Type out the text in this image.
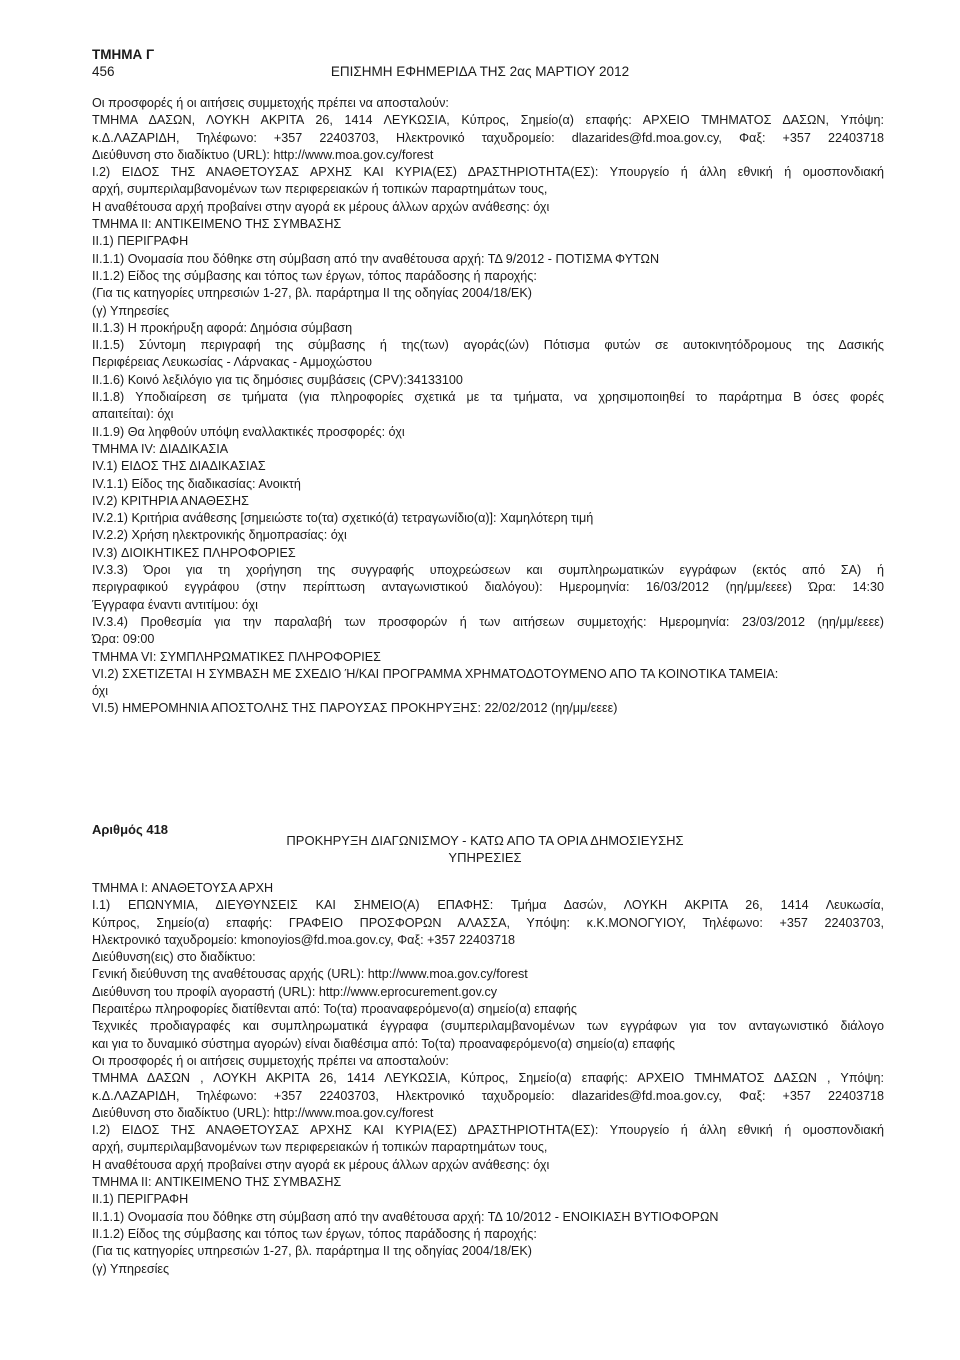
ΤΜΗΜΑ Γ
456	ΕΠΙΣΗΜΗ ΕΦΗΜΕΡΙΔΑ ΤΗΣ 2ας ΜΑΡΤΙΟΥ 2012

Οι προσφορές ή οι αιτήσεις συμμετοχής πρέπει να αποσταλούν:

ΤΜΗΜΑ ΔΑΣΩΝ, ΛΟΥΚΗ ΑΚΡΙΤΑ 26, 1414 ΛΕΥΚΩΣΙΑ, Κύπρος, Σημείο(α) επαφής: ΑΡΧΕΙΟ ΤΜΗΜΑΤΟΣ ΔΑΣΩΝ, Υπόψη:

κ.Δ.ΛΑΖΑΡΙΔΗ, Τηλέφωνο: +357 22403703, Ηλεκτρονικό ταχυδρομείο: dlazarides@fd.moa.gov.cy, Φαξ: +357 22403718

Διεύθυνση στο διαδίκτυο (URL): http://www.moa.gov.cy/forest

Ι.2) ΕΙΔΟΣ ΤΗΣ ΑΝΑΘΕΤΟΥΣΑΣ ΑΡΧΗΣ ΚΑΙ ΚΥΡΙΑ(ΕΣ) ΔΡΑΣΤΗΡΙΟΤΗΤΑ(ΕΣ): Υπουργείο ή άλλη εθνική ή ομοσπονδιακή

αρχή, συμπεριλαμβανομένων των περιφερειακών ή τοπικών παραρτημάτων τους,

Η αναθέτουσα αρχή προβαίνει στην αγορά εκ μέρους άλλων αρχών ανάθεσης: όχι

ΤΜΗΜΑ II: ΑΝΤΙΚΕΙΜΕΝΟ ΤΗΣ ΣΥΜΒΑΣΗΣ

II.1) ΠΕΡΙΓΡΑΦΗ

II.1.1) Ονομασία που δόθηκε στη σύμβαση από την αναθέτουσα αρχή: ΤΔ 9/2012 - ΠΟΤΙΣΜΑ ΦΥΤΩΝ

II.1.2) Είδος της σύμβασης και τόπος των έργων, τόπος παράδοσης ή παροχής:

(Για τις κατηγορίες υπηρεσιών 1-27, βλ. παράρτημα II της οδηγίας 2004/18/ΕΚ)

(γ) Υπηρεσίες

II.1.3) Η προκήρυξη αφορά: Δημόσια σύμβαση

II.1.5) Σύντομη περιγραφή της σύμβασης ή της(των) αγοράς(ών) Πότισμα φυτών σε αυτοκινητόδρομους της Δασικής

Περιφέρειας Λευκωσίας - Λάρνακας - Αμμοχώστου

II.1.6) Κοινό λεξιλόγιο για τις δημόσιες συμβάσεις (CPV):34133100

II.1.8) Υποδιαίρεση σε τμήματα (για πληροφορίες σχετικά με τα τμήματα, να χρησιμοποιηθεί το παράρτημα Β όσες φορές

απαιτείται): όχι

II.1.9) Θα ληφθούν υπόψη εναλλακτικές προσφορές: όχι

ΤΜΗΜΑ IV: ΔΙΑΔΙΚΑΣΙΑ

IV.1) ΕΙΔΟΣ ΤΗΣ ΔΙΑΔΙΚΑΣΙΑΣ

IV.1.1) Είδος της διαδικασίας: Ανοικτή

IV.2) ΚΡΙΤΗΡΙΑ ΑΝΑΘΕΣΗΣ

IV.2.1) Κριτήρια ανάθεσης [σημειώστε το(τα) σχετικό(ά) τετραγωνίδιο(α)]: Χαμηλότερη τιμή

IV.2.2) Χρήση ηλεκτρονικής δημοπρασίας: όχι

IV.3) ΔΙΟΙΚΗΤΙΚΕΣ ΠΛΗΡΟΦΟΡΙΕΣ

IV.3.3) Όροι για τη χορήγηση της συγγραφής υποχρεώσεων και συμπληρωματικών εγγράφων (εκτός από ΣΑ) ή

περιγραφικού εγγράφου (στην περίπτωση ανταγωνιστικού διαλόγου): Ημερομηνία: 16/03/2012 (ηη/μμ/εεεε) Ώρα: 14:30

Έγγραφα έναντι αντιτίμου: όχι

IV.3.4) Προθεσμία για την παραλαβή των προσφορών ή των αιτήσεων συμμετοχής: Ημερομηνία: 23/03/2012 (ηη/μμ/εεεε)

Ώρα: 09:00

ΤΜΗΜΑ VI: ΣΥΜΠΛΗΡΩΜΑΤΙΚΕΣ ΠΛΗΡΟΦΟΡΙΕΣ

VI.2) ΣΧΕΤΙΖΕΤΑΙ Η ΣΥΜΒΑΣΗ ΜΕ ΣΧΕΔΙΟ Ή/ΚΑΙ ΠΡΟΓΡΑΜΜΑ ΧΡΗΜΑΤΟΔΟΤΟΥΜΕΝΟ ΑΠΟ ΤΑ ΚΟΙΝΟΤΙΚΑ ΤΑΜΕΙΑ:

όχι

VI.5) ΗΜΕΡΟΜΗΝΙΑ ΑΠΟΣΤΟΛΗΣ ΤΗΣ ΠΑΡΟΥΣΑΣ ΠΡΟΚΗΡΥΞΗΣ: 22/02/2012 (ηη/μμ/εεεε)

Αριθμός 418
ΠΡΟΚΗΡΥΞΗ ΔΙΑΓΩΝΙΣΜΟΥ - ΚΑΤΩ ΑΠΟ ΤΑ ΟΡΙΑ ΔΗΜΟΣΙΕΥΣΗΣ
ΥΠΗΡΕΣΙΕΣ

ΤΜΗΜΑ I: ΑΝΑΘΕΤΟΥΣΑ ΑΡΧΗ

I.1) ΕΠΩΝΥΜΙΑ, ΔΙΕΥΘΥΝΣΕΙΣ ΚΑΙ ΣΗΜΕΙΟ(Α) ΕΠΑΦΗΣ: Τμήμα Δασών, ΛΟΥΚΗ ΑΚΡΙΤΑ 26, 1414 Λευκωσία,

Κύπρος, Σημείο(α) επαφής: ΓΡΑΦΕΙΟ ΠΡΟΣΦΟΡΩΝ ΑΛΑΣΣΑ, Υπόψη: κ.Κ.ΜΟΝΟΓΥΙΟΥ, Τηλέφωνο: +357 22403703,

Ηλεκτρονικό ταχυδρομείο: kmonoyios@fd.moa.gov.cy, Φαξ: +357 22403718

Διεύθυνση(εις) στο διαδίκτυο:

Γενική διεύθυνση της αναθέτουσας αρχής (URL): http://www.moa.gov.cy/forest

Διεύθυνση του προφίλ αγοραστή (URL): http://www.eprocurement.gov.cy

Περαιτέρω πληροφορίες διατίθενται από: Το(τα) προαναφερόμενο(α) σημείο(α) επαφής

Τεχνικές προδιαγραφές και συμπληρωματικά έγγραφα (συμπεριλαμβανομένων των εγγράφων για τον ανταγωνιστικό διάλογο

και για το δυναμικό σύστημα αγορών) είναι διαθέσιμα από: Το(τα) προαναφερόμενο(α) σημείο(α) επαφής

Οι προσφορές ή οι αιτήσεις συμμετοχής πρέπει να αποσταλούν:

ΤΜΗΜΑ ΔΑΣΩΝ , ΛΟΥΚΗ ΑΚΡΙΤΑ 26, 1414 ΛΕΥΚΩΣΙΑ, Κύπρος, Σημείο(α) επαφής: ΑΡΧΕΙΟ ΤΜΗΜΑΤΟΣ ΔΑΣΩΝ , Υπόψη:

κ.Δ.ΛΑΖΑΡΙΔΗ, Τηλέφωνο: +357 22403703, Ηλεκτρονικό ταχυδρομείο: dlazarides@fd.moa.gov.cy, Φαξ: +357 22403718

Διεύθυνση στο διαδίκτυο (URL): http://www.moa.gov.cy/forest

I.2) ΕΙΔΟΣ ΤΗΣ ΑΝΑΘΕΤΟΥΣΑΣ ΑΡΧΗΣ ΚΑΙ ΚΥΡΙΑ(ΕΣ) ΔΡΑΣΤΗΡΙΟΤΗΤΑ(ΕΣ): Υπουργείο ή άλλη εθνική ή ομοσπονδιακή

αρχή, συμπεριλαμβανομένων των περιφερειακών ή τοπικών παραρτημάτων τους,

Η αναθέτουσα αρχή προβαίνει στην αγορά εκ μέρους άλλων αρχών ανάθεσης: όχι

ΤΜΗΜΑ II: ΑΝΤΙΚΕΙΜΕΝΟ ΤΗΣ ΣΥΜΒΑΣΗΣ

II.1) ΠΕΡΙΓΡΑΦΗ

II.1.1) Ονομασία που δόθηκε στη σύμβαση από την αναθέτουσα αρχή: ΤΔ 10/2012 - ΕΝΟΙΚΙΑΣΗ ΒΥΤΙΟΦΟΡΩΝ

II.1.2) Είδος της σύμβασης και τόπος των έργων, τόπος παράδοσης ή παροχής:

(Για τις κατηγορίες υπηρεσιών 1-27, βλ. παράρτημα II της οδηγίας 2004/18/ΕΚ)

(γ) Υπηρεσίες
